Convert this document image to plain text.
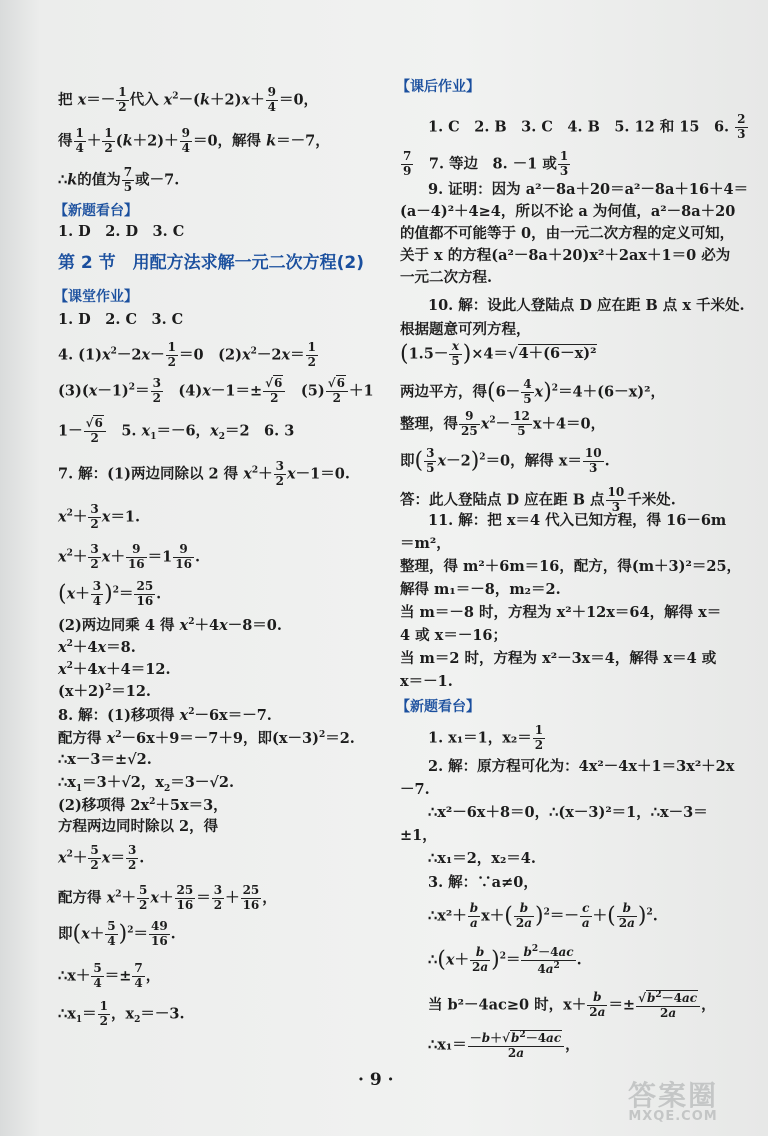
把 $x=- \frac{1}{2}$ 代入 $x^2-(k+2)x+ \frac{9}{4} =0$，
得 $\frac{1}{4} + \frac{1}{2} (k+2)+ \frac{9}{4} =0$，解得 k＝－7，
∴k的值为 $\frac{7}{5}$ 或－7.
【新题看台】
1. D　2. D　3. C
第 2 节　用配方法求解一元二次方程(2)
【课堂作业】
1. D　2. C　3. C
4. $(1)x^2-2x- \frac{1}{2} =0$　$(2)x^2-2x= \frac{1}{2}$
$(3)(x-1)^2= \frac{3}{2}$ 　$(4)x-1=\pm \frac{√6}{2}$ 　$(5) \frac{√6}{2} +1$
$1- \frac{√6}{2}$ 　5. $x_1=-6$，$x_2=2$　6. 3
7. 解：(1)两边同除以 2 得 $x^2+ \frac{3}{2} x-1=0$.
$x^2+ \frac{3}{2} x=1$.
$x^2+ \frac{3}{2} x+ \frac{9}{16} =1 \frac{9}{16}$ .
$(x+ \frac{3}{4} )^2= \frac{25}{16}$ .
(2)两边同乘 4 得 $x^2+4x-8=0$.
$x^2+4x=8$.
$x^2+4x+4=12$.
$(x+2)^2=12$.
8. 解：(1)移项得 $x^2-6x=-7$.
配方得 $x^2-6x+9=-7+9$，即$(x-3)^2=2$.
∴x－3＝±√2.
$\therefore x_1=3+√2$，$x_2=3-√2$.
(2)移项得 $2x^2+5x=3$，
方程两边同时除以 2，得
$x^2+ \frac{5}{2} x= \frac{3}{2}$ .
配方得 $x^2+ \frac{5}{2} x+ \frac{25}{16} = \frac{3}{2} + \frac{25}{16}$ ，
即$(x+ \frac{5}{4} )^2= \frac{49}{16}$ .
∴x＋ $\frac{5}{4} =\pm \frac{7}{4}$ ，
$\therefore x_1= \frac{1}{2}$ ，$x_2=-3$.
【课后作业】
1. C　2. B　3. C　4. B　5. 12 和 15　6. $\frac{2}{3}$
$\frac{7}{9}$
　 7. 等边　8. －1 或 $\frac{1}{3}$
9. 证明：因为 a²－8a＋20＝a²－8a＋16＋4＝
(a－4)²＋4≥4，所以不论 a 为何值，a²－8a＋20
的值都不可能等于 0，由一元二次方程的定义可知，
关于 x 的方程(a²－8a＋20)x²＋2ax＋1＝0 必为
一元二次方程.
10. 解：设此人登陆点 D 应在距 B 点 x 千米处.
根据题意可列方程，
$(1.5- \frac{x}{5} )\times 4=√4+(6-x)^2$
两边平方，得$(6- \frac{4}{5} x)^2=4+(6-x)^2$，
整理，得 $\frac{9}{25} x^2- \frac{12}{5} x+4=0$，
即( $\frac{3}{5} x-2)^2=0$，解得 $x= \frac{10}{3}$ .
答：此人登陆点 D 应在距 B 点 $\frac{10}{3}$ 千米处.
11. 解：把 x＝4 代入已知方程，得 16－6m
＝m²，
整理，得 m²＋6m＝16，配方，得(m＋3)²＝25，
解得 m₁＝－8，m₂＝2.
当 m＝－8 时，方程为 x²＋12x＝64，解得 x＝
4 或 x＝－16；
当 m＝2 时，方程为 x²－3x＝4，解得 x＝4 或
x＝－1.
【新题看台】
1. x₁＝1，$x_2= \frac{1}{2}$
2. 解：原方程可化为：4x²－4x＋1＝3x²＋2x
－7.
∴x²－6x＋8＝0，∴(x－3)²＝1，∴x－3＝
±1，
∴x₁＝2，x₂＝4.
3. 解：∵a≠0，
∴x²＋ $\frac{b}{a} x+( \frac{b}{2a} )^2=- \frac{c}{a}$ ＋( $\frac{b}{2a} )^2$.
∴(x＋ $\frac{b}{2a} )^2= \frac{b^2-4ac}{4a^2}$ .
当 b²－4ac≥0 时，$x+ \frac{b}{2a} =\pm \frac{√b^2-4ac}{2a}$ ，
∴x₁＝ $\frac{-b+√b^2-4ac}{2a}$ ，
· 9 ·	答案圈
MXQE.COM
